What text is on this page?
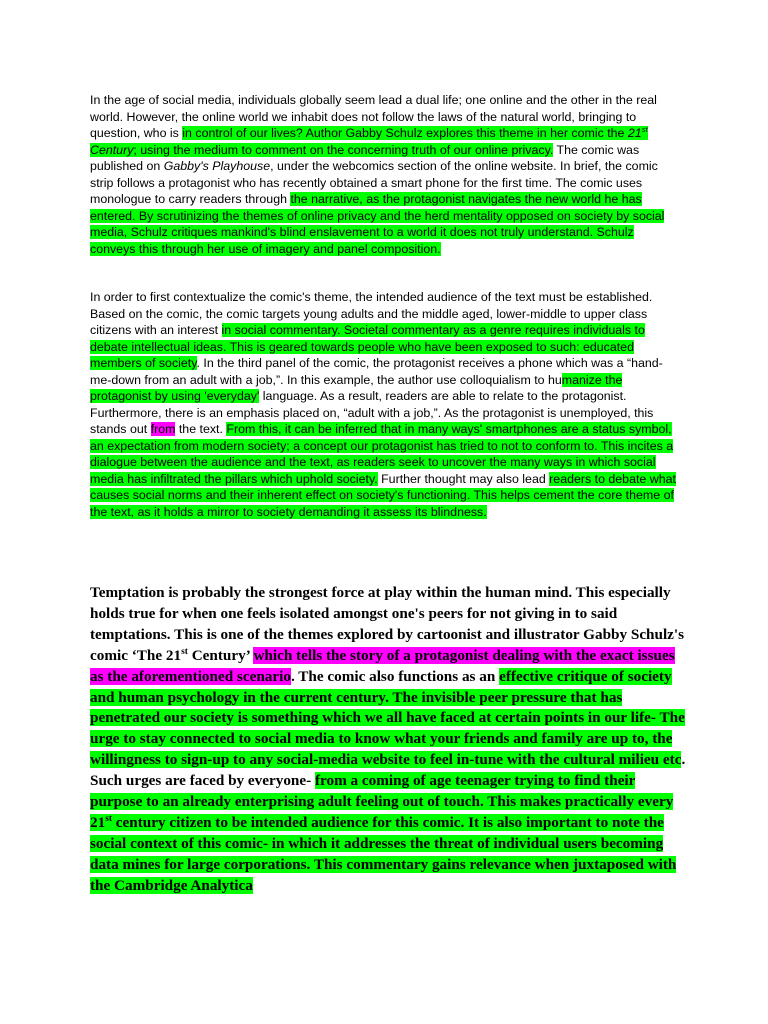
In the age of social media, individuals globally seem lead a dual life; one online and the other in the real world. However, the online world we inhabit does not follow the laws of the natural world, bringing to question, who is in control of our lives? Author Gabby Schulz explores this theme in her comic the 21st Century; using the medium to comment on the concerning truth of our online privacy. The comic was published on Gabby's Playhouse, under the webcomics section of the online website. In brief, the comic strip follows a protagonist who has recently obtained a smart phone for the first time. The comic uses monologue to carry readers through the narrative, as the protagonist navigates the new world he has entered. By scrutinizing the themes of online privacy and the herd mentality opposed on society by social media, Schulz critiques mankind's blind enslavement to a world it does not truly understand. Schulz conveys this through her use of imagery and panel composition.

In order to first contextualize the comic's theme, the intended audience of the text must be established. Based on the comic, the comic targets young adults and the middle aged, lower-middle to upper class citizens with an interest in social commentary. Societal commentary as a genre requires individuals to debate intellectual ideas. This is geared towards people who have been exposed to such: educated members of society. In the third panel of the comic, the protagonist receives a phone which was a “hand-me-down from an adult with a job,”. In this example, the author use colloquialism to humanize the protagonist by using 'everyday' language. As a result, readers are able to relate to the protagonist. Furthermore, there is an emphasis placed on, “adult with a job,”. As the protagonist is unemployed, this stands out from the text. From this, it can be inferred that in many ways' smartphones are a status symbol, an expectation from modern society; a concept our protagonist has tried to not to conform to. This incites a dialogue between the audience and the text, as readers seek to uncover the many ways in which social media has infiltrated the pillars which uphold society. Further thought may also lead readers to debate what causes social norms and their inherent effect on society's functioning. This helps cement the core theme of the text, as it holds a mirror to society demanding it assess its blindness.

Temptation is probably the strongest force at play within the human mind. This especially holds true for when one feels isolated amongst one's peers for not giving in to said temptations. This is one of the themes explored by cartoonist and illustrator Gabby Schulz's comic ‘The 21st Century’ which tells the story of a protagonist dealing with the exact issues as the aforementioned scenario. The comic also functions as an effective critique of society and human psychology in the current century. The invisible peer pressure that has penetrated our society is something which we all have faced at certain points in our life- The urge to stay connected to social media to know what your friends and family are up to, the willingness to sign-up to any social-media website to feel in-tune with the cultural milieu etc. Such urges are faced by everyone- from a coming of age teenager trying to find their purpose to an already enterprising adult feeling out of touch. This makes practically every 21st century citizen to be intended audience for this comic. It is also important to note the social context of this comic- in which it addresses the threat of individual users becoming data mines for large corporations. This commentary gains relevance when juxtaposed with the Cambridge Analytica
